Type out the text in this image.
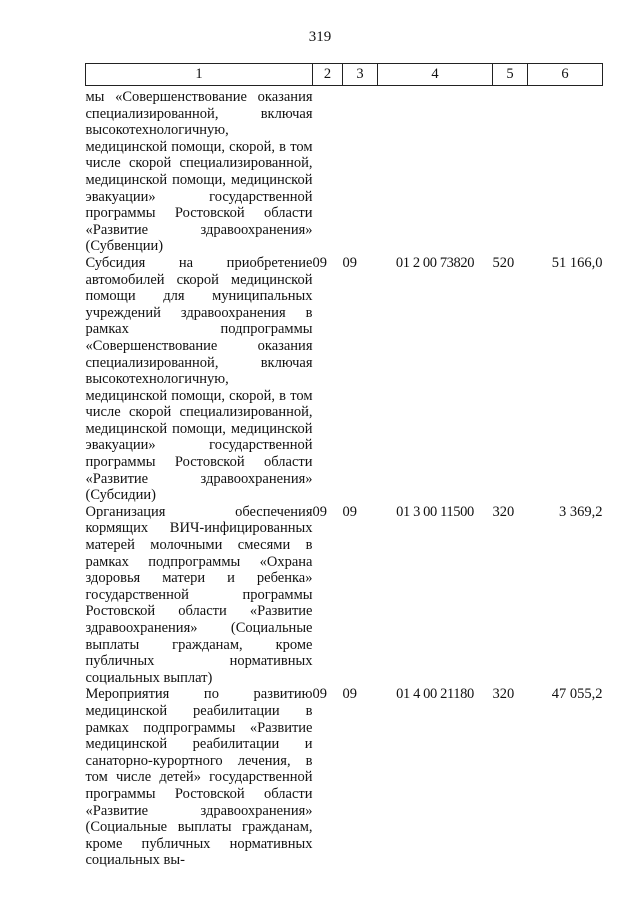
319
1	2	3	4	5	6
мы «Совершенствование оказания специализированной, включая высокотехнологичную, медицинской помощи, скорой, в том числе скорой специализированной, медицинской помощи, медицинской эвакуации» государственной программы Ростовской области «Развитие здравоохранения» (Субвенции)					
Субсидия на приобретение автомобилей скорой медицинской помощи для муниципальных учреждений здравоохранения в рамках подпрограммы «Совершенствование оказания специализированной, включая высокотехнологичную, медицинской помощи, скорой, в том числе скорой специализированной, медицинской помощи, медицинской эвакуации» государственной программы Ростовской области «Развитие здравоохранения» (Субсидии)	09	09	01 2 00 73820	520	51 166,0
Организация обеспечения кормящих ВИЧ-инфицированных матерей молочными смесями в рамках подпрограммы «Охрана здоровья матери и ребенка» государственной программы Ростовской области «Развитие здравоохранения» (Социальные выплаты гражданам, кроме публичных нормативных социальных выплат)	09	09	01 3 00 11500	320	3 369,2
Мероприятия по развитию медицинской реабилитации в рамках подпрограммы «Развитие медицинской реабилитации и санаторно-курортного лечения, в том числе детей» государственной программы Ростовской области «Развитие здравоохранения» (Социальные выплаты гражданам, кроме публичных нормативных социальных вы-	09	09	01 4 00 21180	320	47 055,2
